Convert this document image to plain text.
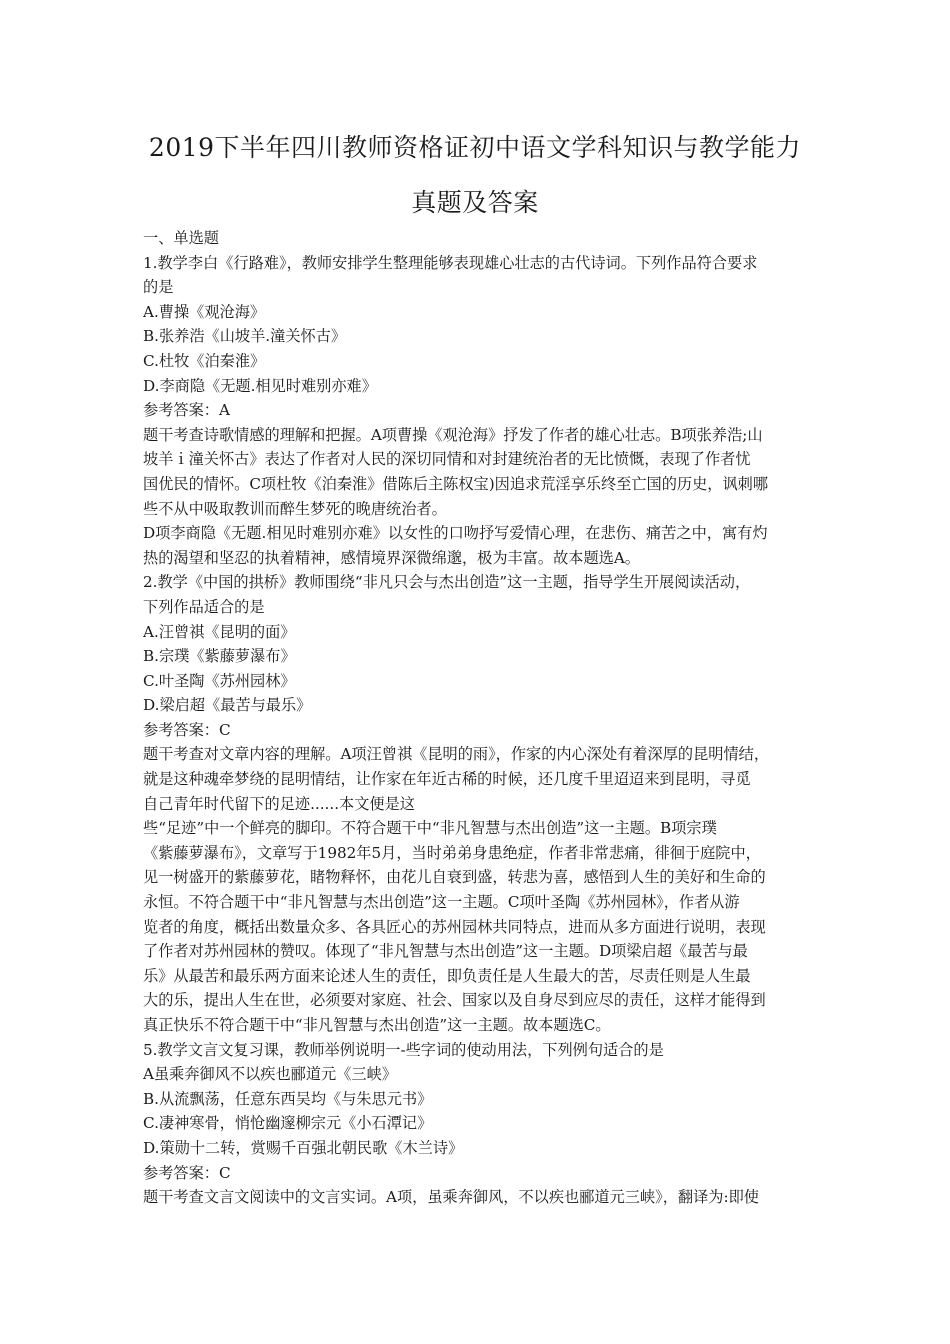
2019下半年四川教师资格证初中语文学科知识与教学能力
真题及答案

一、单选题

1.教学李白《行路难》，教师安排学生整理能够表现雄心壮志的古代诗词。下列作品符合要求

的是

A.曹操《观沧海》

B.张养浩《山坡羊.潼关怀古》

C.杜牧《泊秦淮》

D.李商隐《无题.相见时难别亦难》

参考答案：A

题干考查诗歌情感的理解和把握。A项曹操《观沧海》抒发了作者的雄心壮志。B项张养浩;山

坡羊ｉ潼关怀古》表达了作者对人民的深切同情和对封建统治者的无比愤慨，表现了作者忧

国优民的情怀。C项杜牧《泊秦淮》借陈后主陈权宝)因追求荒淫享乐终至亡国的历史，讽刺哪

些不从中吸取教训而醉生梦死的晚唐统治者。

D项李商隐《无题.相见时难别亦难》以女性的口吻抒写爱情心理，在悲伤、痛苦之中，寓有灼

热的渴望和坚忍的执着精神，感情境界深微绵邈，极为丰富。故本题选A。

2.教学《中国的拱桥》教师围绕“非凡只会与杰出创造”这一主题，指导学生开展阅读活动，

下列作品适合的是

A.汪曾祺《昆明的面》

B.宗璞《紫藤萝瀑布》

C.叶圣陶《苏州园林》

D.梁启超《最苦与最乐》

参考答案：C

题干考查对文章内容的理解。A项汪曾祺《昆明的雨》，作家的内心深处有着深厚的昆明情结，

就是这种魂牵梦绕的昆明情结，让作家在年近古稀的时候，还几度千里迢迢来到昆明，寻觅

自己青年时代留下的足迹......本文便是这

些“足迹”中一个鲜亮的脚印。不符合题干中“非凡智慧与杰出创造”这一主题。B项宗璞

《紫藤萝瀑布》，文章写于1982年5月，当时弟弟身患绝症，作者非常悲痛，徘徊于庭院中，

见一树盛开的紫藤萝花，睹物释怀，由花儿自衰到盛，转悲为喜，感悟到人生的美好和生命的

永恒。不符合题干中“非凡智慧与杰出创造”这一主题。C项叶圣陶《苏州园林》，作者从游

览者的角度，概括出数量众多、各具匠心的苏州园林共同特点，进而从多方面进行说明，表现

了作者对苏州园林的赞叹。体现了“非凡智慧与杰出创造”这一主题。D项梁启超《最苦与最

乐》从最苦和最乐两方面来论述人生的责任，即负责任是人生最大的苦，尽责任则是人生最

大的乐，提出人生在世，必须要对家庭、社会、国家以及自身尽到应尽的责任，这样才能得到

真正快乐不符合题干中“非凡智慧与杰出创造”这一主题。故本题选C。

5.教学文言文复习课，教师举例说明一-些字词的使动用法，下列例句适合的是

A虽乘奔御风不以疾也郦道元《三峡》

B.从流飘荡，任意东西吴均《与朱思元书》

C.凄神寒骨，悄怆幽邃柳宗元《小石潭记》

D.策勋十二转，赏赐千百强北朝民歌《木兰诗》

参考答案：C

题干考查文言文阅读中的文言实词。A项，虽乘奔御风，不以疾也郦道元三峡》，翻译为:即使
